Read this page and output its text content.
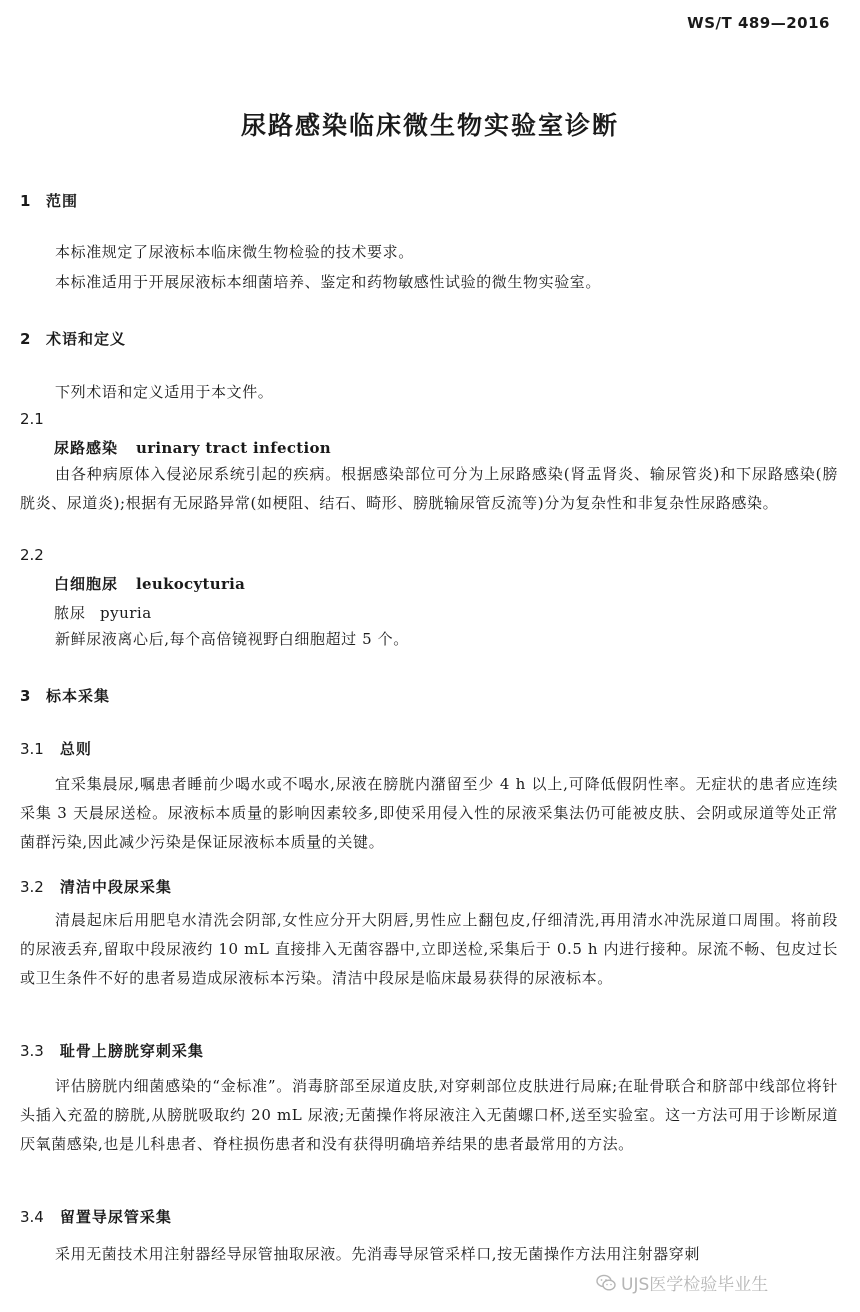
WS/T 489—2016
尿路感染临床微生物实验室诊断
1 范围
本标准规定了尿液标本临床微生物检验的技术要求。
本标准适用于开展尿液标本细菌培养、鉴定和药物敏感性试验的微生物实验室。
2 术语和定义
下列术语和定义适用于本文件。
2.1
尿路感染 urinary tract infection
由各种病原体入侵泌尿系统引起的疾病。根据感染部位可分为上尿路感染(肾盂肾炎、输尿管炎)和下尿路感染(膀胱炎、尿道炎);根据有无尿路异常(如梗阻、结石、畸形、膀胱输尿管反流等)分为复杂性和非复杂性尿路感染。
2.2
白细胞尿 leukocyturia
脓尿 pyuria
新鲜尿液离心后,每个高倍镜视野白细胞超过 5 个。
3 标本采集
3.1 总则
宜采集晨尿,嘱患者睡前少喝水或不喝水,尿液在膀胱内潴留至少 4 h 以上,可降低假阴性率。无症状的患者应连续采集 3 天晨尿送检。尿液标本质量的影响因素较多,即使采用侵入性的尿液采集法仍可能被皮肤、会阴或尿道等处正常菌群污染,因此减少污染是保证尿液标本质量的关键。
3.2 清洁中段尿采集
清晨起床后用肥皂水清洗会阴部,女性应分开大阴唇,男性应上翻包皮,仔细清洗,再用清水冲洗尿道口周围。将前段的尿液丢弃,留取中段尿液约 10 mL 直接排入无菌容器中,立即送检,采集后于 0.5 h 内进行接种。尿流不畅、包皮过长或卫生条件不好的患者易造成尿液标本污染。清洁中段尿是临床最易获得的尿液标本。
3.3 耻骨上膀胱穿刺采集
评估膀胱内细菌感染的“金标准”。消毒脐部至尿道皮肤,对穿刺部位皮肤进行局麻;在耻骨联合和脐部中线部位将针头插入充盈的膀胱,从膀胱吸取约 20 mL 尿液;无菌操作将尿液注入无菌螺口杯,送至实验室。这一方法可用于诊断尿道厌氧菌感染,也是儿科患者、脊柱损伤患者和没有获得明确培养结果的患者最常用的方法。
3.4 留置导尿管采集
采用无菌技术用注射器经导尿管抽取尿液。先消毒导尿管采样口,按无菌操作方法用注射器穿刺
UJS医学检验毕业生
